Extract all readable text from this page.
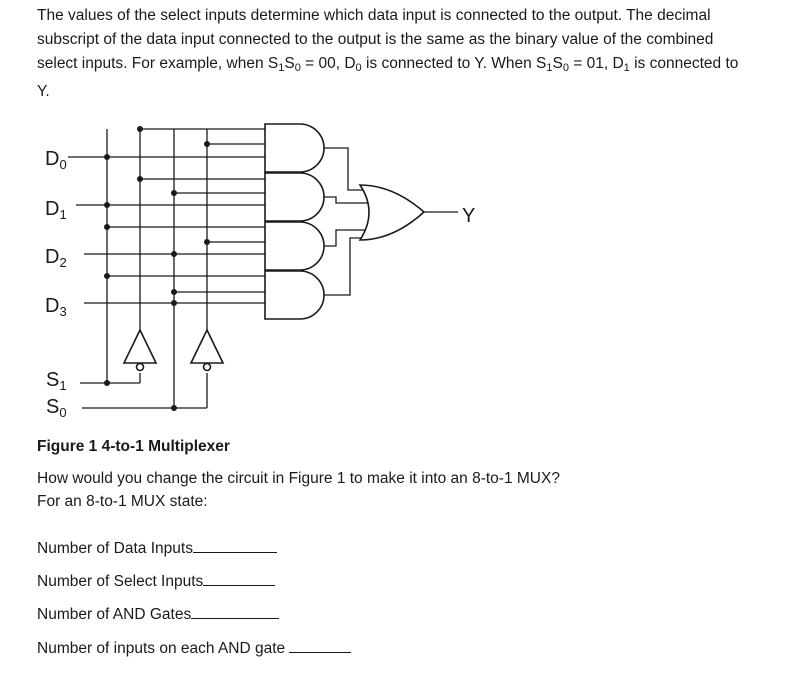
The values of the select inputs determine which data input is connected to the output. The decimal
subscript of the data input connected to the output is the same as the binary value of the combined
select inputs. For example, when $S_1S_0 = 00$, $D_0$ is connected to Y. When $S_1S_0 = 01$, $D_1$ is connected to
Y.
$D_0$
$D_1$
$D_2$
$D_3$
$S_1$
$S_0$
Y

Figure 1 4-to-1 Multiplexer

How would you change the circuit in Figure 1 to make it into an 8-to-1 MUX?

For an 8-to-1 MUX state:

Number of Data Inputs
Number of Select Inputs
Number of AND Gates
Number of inputs on each AND gate
